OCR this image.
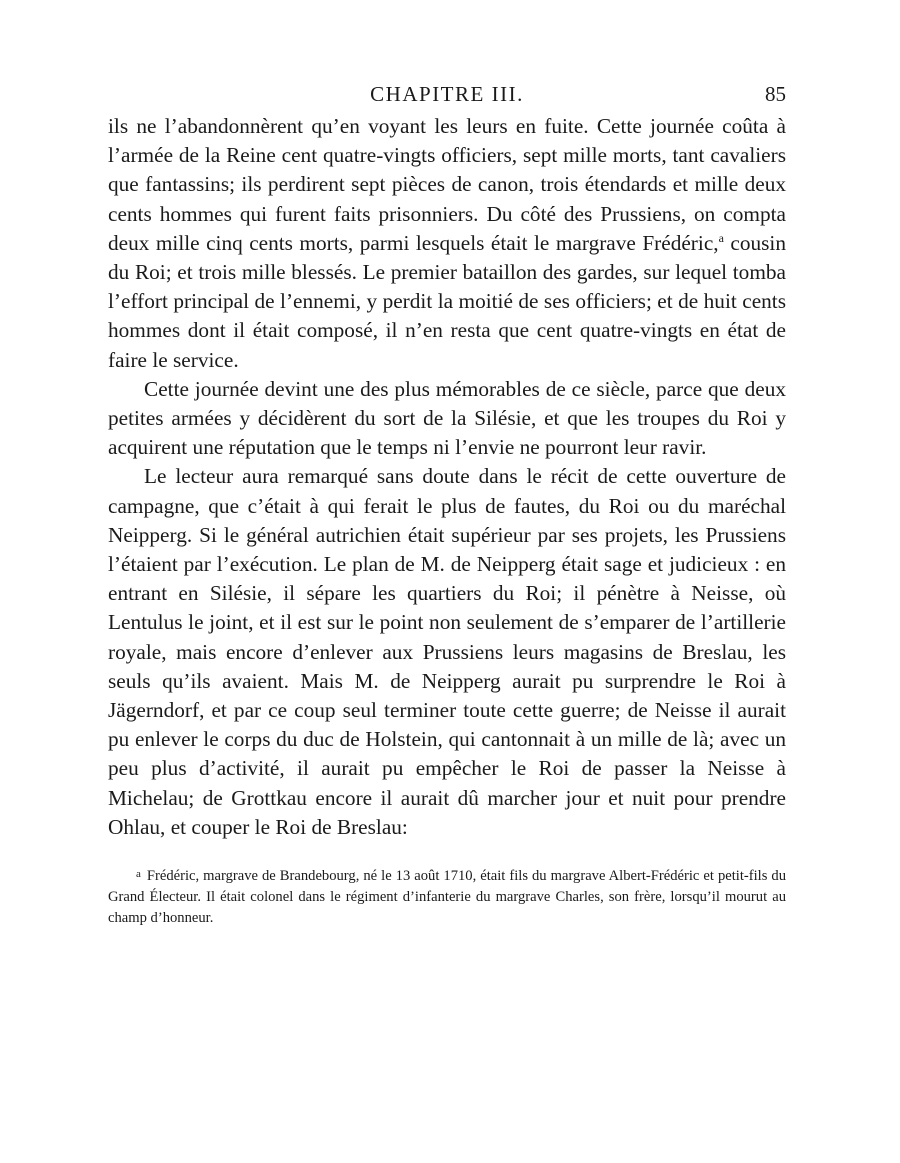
CHAPITRE III.	85

ils ne l’abandonnèrent qu’en voyant les leurs en fuite. Cette journée coûta à l’armée de la Reine cent quatre-vingts officiers, sept mille morts, tant cavaliers que fantassins; ils perdirent sept pièces de canon, trois étendards et mille deux cents hommes qui furent faits prisonniers. Du côté des Prussiens, on compta deux mille cinq cents morts, parmi lesquels était le margrave Frédéric,$^a$ cousin du Roi; et trois mille blessés. Le premier bataillon des gardes, sur lequel tomba l’effort principal de l’ennemi, y perdit la moitié de ses officiers; et de huit cents hommes dont il était composé, il n’en resta que cent quatre-vingts en état de faire le service.

Cette journée devint une des plus mémorables de ce siècle, parce que deux petites armées y décidèrent du sort de la Silésie, et que les troupes du Roi y acquirent une réputation que le temps ni l’envie ne pourront leur ravir.

Le lecteur aura remarqué sans doute dans le récit de cette ouverture de campagne, que c’était à qui ferait le plus de fautes, du Roi ou du maréchal Neipperg. Si le général autrichien était supérieur par ses projets, les Prussiens l’étaient par l’exécution. Le plan de M. de Neipperg était sage et judicieux : en entrant en Silésie, il sépare les quartiers du Roi; il pénètre à Neisse, où Lentulus le joint, et il est sur le point non seulement de s’emparer de l’artillerie royale, mais encore d’enlever aux Prussiens leurs magasins de Breslau, les seuls qu’ils avaient. Mais M. de Neipperg aurait pu surprendre le Roi à Jägerndorf, et par ce coup seul terminer toute cette guerre; de Neisse il aurait pu enlever le corps du duc de Holstein, qui cantonnait à un mille de là; avec un peu plus d’activité, il aurait pu empêcher le Roi de passer la Neisse à Michelau; de Grottkau encore il aurait dû marcher jour et nuit pour prendre Ohlau, et couper le Roi de Breslau:

$^a$ Frédéric, margrave de Brandebourg, né le 13 août 1710, était fils du margrave Albert-Frédéric et petit-fils du Grand Électeur. Il était colonel dans le régiment d’infanterie du margrave Charles, son frère, lorsqu’il mourut au champ d’honneur.
